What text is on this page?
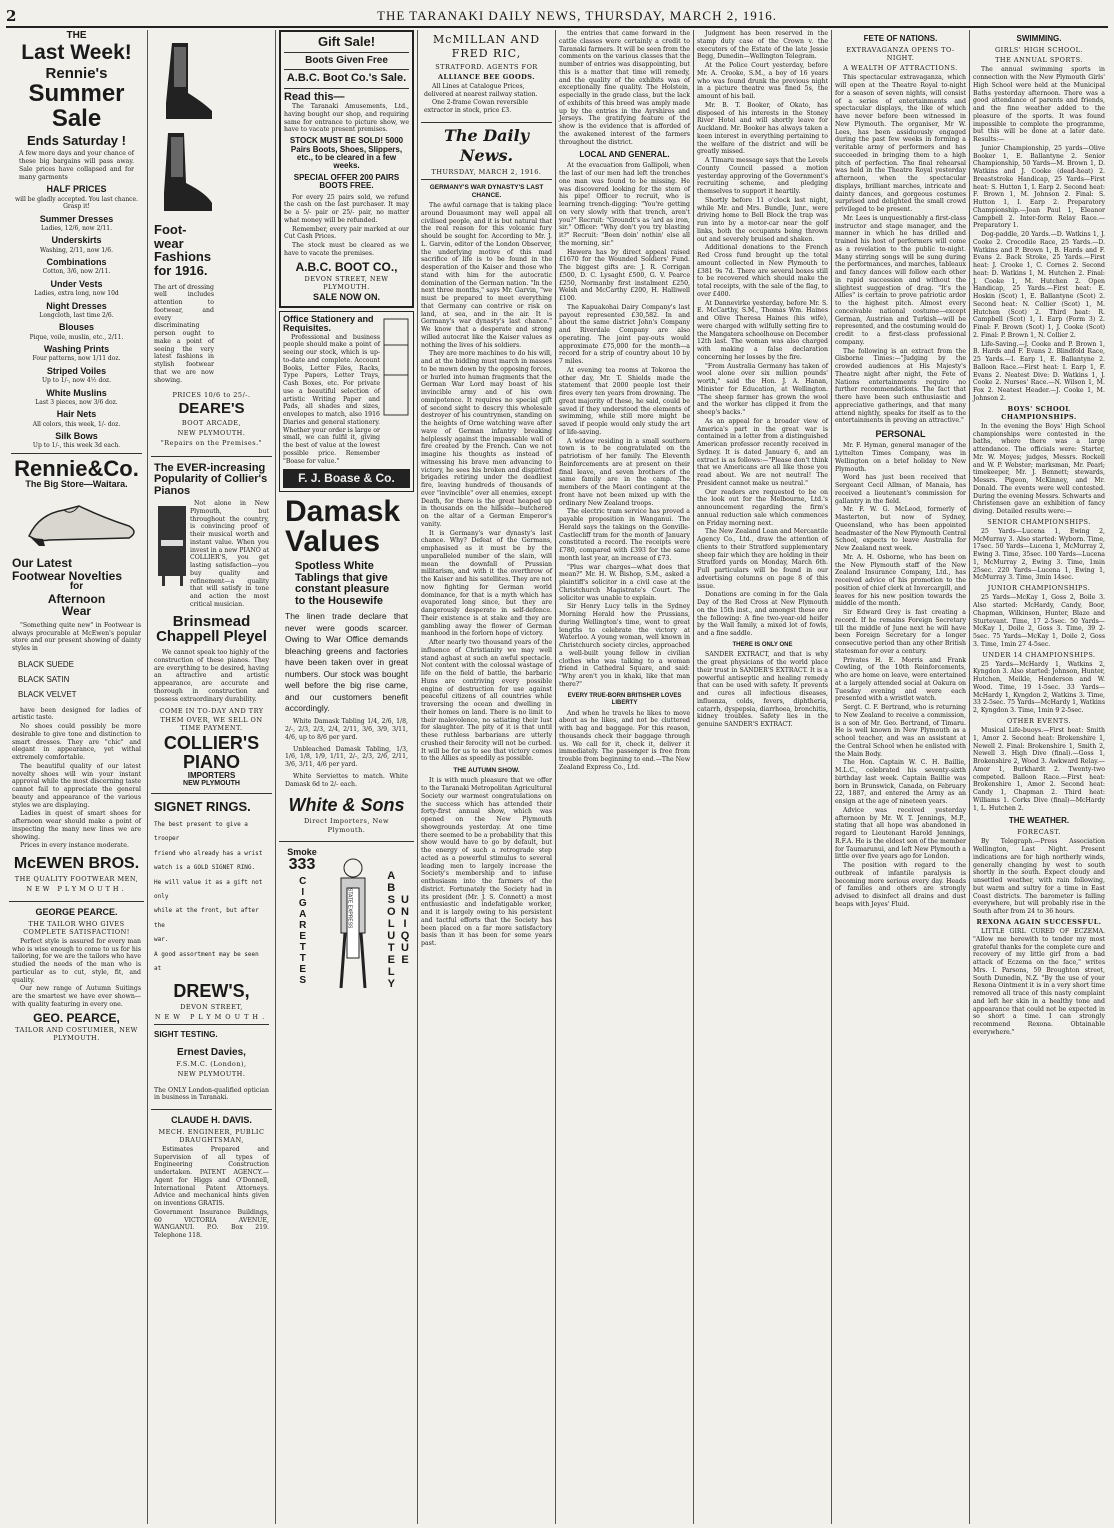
2	THE TARANAKI DAILY NEWS, THURSDAY, MARCH 2, 1916.
THE
Last Week!
Rennie's
Summer
Sale
Ends Saturday !

A few more days and your chance of these big bargains will pass away. Sale prices have collapsed and for many garments

HALF PRICES
will be gladly accepted. You last chance. Grasp it!
Summer Dresses
Ladies, 12/6, now 2/11.
Underskirts
Washing, 2/11, now 1/6.
Combinations
Cotton, 3/6, now 2/11.
Under Vests
Ladies, extra long, now 10d
Night Dresses
Longcloth, last time 2/6.
Blouses
Pique, voile, muslin, etc., 2/11.
Washing Prints
Four patterns, now 1/11 doz.
Striped Voiles
Up to 1/-, now 4½ doz.
White Muslins
Last 3 pieces, now 3/6 doz.
Hair Nets
All colors, this week, 1/- doz.
Silk Bows
Up to 1/-, this week 3d each.
Rennie&Co.
The Big Store—Waitara.
Our Latest
Footwear Novelties
for
Afternoon
Wear

"Something quite new" in Footwear is always procurable at McEwen's popular store and our present showing of dainty styles in

BLACK SUEDE
BLACK SATIN
BLACK VELVET

have been designed for ladies of artistic taste.

No shoes could possibly be more desirable to give tone and distinction to smart dresses. They are "chic" and elegant in appearance, yet withal extremely comfortable.

The beautiful quality of our latest novelty shoes will win your instant approval while the most discerning taste cannot fail to appreciate the general beauty and appearance of the various styles we are displaying.

Ladies in quest of smart shoes for afternoon wear should make a point of inspecting the many new lines we are showing.

Prices in every instance moderate.

McEWEN BROS.
THE QUALITY FOOTWEAR MEN,
NEW PLYMOUTH.
GEORGE PEARCE.
THE TAILOR WHO GIVES COMPLETE SATISFACTION!

Perfect style is assured for every man who is wise enough to come to us for his tailoring, for we are the tailors who have studied the needs of the man who is particular as to cut, style, fit, and quality.

Our new range of Autumn Suitings are the smartest we have ever shown—with quality featuring in every one.

GEO. PEARCE,
TAILOR AND COSTUMIER, NEW PLYMOUTH.
Foot-wear Fashions for 1916.

The art of dressing well includes attention to footwear, and every discriminating person ought to make a point of seeing the very latest fashions in stylish footwear that we are now showing.

PRICES 10/6 to 25/-.
DEARE'S
BOOT ARCADE,
NEW PLYMOUTH.
"Repairs on the Premises."
The EVER-increasing Popularity of Collier's Pianos

Not alone in New Plymouth, but throughout the country, is convincing proof of their musical worth and instant value. When you invest in a new PIANO at COLLIER'S, you get lasting satisfaction—you buy quality and refinement—a quality that will satisfy in tone and action the most critical musician.

Brinsmead Chappell Pleyel

We cannot speak too highly of the construction of these pianos. They are everything to be desired, having an attractive and artistic appearance, are accurate and thorough in construction and possess extraordinary durability.

COME IN TO-DAY AND TRY THEM OVER, WE SELL ON TIME PAYMENT.
COLLIER'S
PIANO
IMPORTERS
NEW PLYMOUTH
SIGNET RINGS.
The best present to give a trooper
friend who already has a wrist
watch is a GOLD SIGNET RING.
He will value it as a gift not only
while at the front, but after the
war.
A good assortment may be seen
at
DREW'S,
DEVON STREET,
NEW PLYMOUTH.
SIGHT TESTING.
Ernest Davies,
F.S.M.C. (London),
NEW PLYMOUTH.

The ONLY London-qualified optician in business in Taranaki.

CLAUDE H. DAVIS.
MECH. ENGINEER, PUBLIC DRAUGHTSMAN,

Estimates Prepared and Supervision of all types of Engineering Construction undertaken. PATENT AGENCY.—Agent for Higgs and O'Donnell, International Patent Attorneys. Advice and mechanical hints given on inventions GRATIS.

Government Insurance Buildings, 60 VICTORIA AVENUE, WANGANUI. P.O. Box 219. Telephone 118.

Gift Sale!
Boots Given Free
A.B.C. Boot Co.'s Sale.
Read this—

The Taranaki Amusements, Ltd., having bought our shop, and requiring same for entrance to picture show, we have to vacate present premises.

STOCK MUST BE SOLD! 5000 Pairs Boots, Shoes, Slippers, etc., to be cleared in a few weeks.
SPECIAL OFFER 200 PAIRS BOOTS FREE.

For every 25 pairs sold, we refund the cash on the last purchaser. It may be a 5/- pair or 25/- pair, no matter what money will be refunded.

Remember, every pair marked at our Cut Cash Prices.

The stock must be cleared as we have to vacate the premises.

A.B.C. BOOT CO.,
DEVON STREET, NEW PLYMOUTH.
SALE NOW ON.
Office Stationery and Requisites.

Professional and business people should make a point of seeing our stock, which is up-to-date and complete. Account Books, Letter Files, Racks, Type Papers, Letter Trays, Cash Boxes, etc. For private use a beautiful selection of artistic Writing Paper and Pads, all shades and sizes, envelopes to match, also 1916 Diaries and general stationery. Whether your order is large or small, we can fulfil it, giving the best of value at the lowest possible price. Remember "Boase for value."

F. J. Boase & Co.
Damask Values
Spotless White Tablings that give constant pleasure to the Housewife

The linen trade declare that never were goods scarcer. Owing to War Office demands bleaching greens and factories have been taken over in great numbers. Our stock was bought well before the big rise came, and our customers benefit accordingly.

White Damask Tabling 1/4, 2/6, 1/8, 2/-, 2/3, 2/3, 2/4, 2/11, 3/6, 3/9, 3/11, 4/6, up to 8/6 per yard.

Unbleached Damask Tabling, 1/3, 1/6, 1/8, 1/9, 1/11, 2/-, 2/3, 2/6, 2/11, 3/6, 3/11, 4/6 per yard.

White Serviettes to match. White Damask 6d to 2/- each.

White & Sons
Direct Importers, New Plymouth.
Smoke
333
CIGARETTES	STATE EXPRESS	ABSOLUTELY UNIQUE
McMILLAN AND FRED RIC,
STRATFORD. AGENTS FOR
ALLIANCE BEE GOODS.

All Lines at Catalogue Prices, delivered at nearest railway station.

One 2-frame Cowan reversible extractor in stock, price £3.

The Daily News.
THURSDAY, MARCH 2, 1916.
GERMANY'S WAR DYNASTY'S LAST CHANCE.

The awful carnage that is taking place around Douaumont may well appal all civilised people, and it is but natural that the real reason for this volcanic fury should be sought for. According to Mr. J. L. Garvin, editor of the London Observer, the underlying motive of this mad sacrifice of life is to be found in the desperation of the Kaiser and those who stand with him for the autocratic domination of the German nation. "In the next three months," says Mr. Garvin, "we must be prepared to meet everything that Germany can contrive or risk on land, at sea, and in the air. It is Germany's war dynasty's last chance." We know that a desperate and strong willed autocrat like the Kaiser values as nothing the lives of his soldiers.

They are more machines to do his will, and at the bidding must march in masses to be mown down by the opposing forces, or hurled into human fragments that the German War Lord may boast of his invincible army and of his own omnipotence. It requires no special gift of second sight to descry this wholesale destroyer of his countrymen, standing on the heights of Orne watching wave after wave of German infantry breaking helplessly against the impassable wall of fire created by the French. Can we not imagine his thoughts as instead of witnessing his brave men advancing to victory, he sees his broken and dispirited brigades retiring under the deadliest fire, leaving hundreds of thousands of ever "invincible" over all enemies, except Death, for there is the great heaped up in thousands on the hillside—butchered on the altar of a German Emperor's vanity.

It is Germany's war dynasty's last chance. Why? Defeat of the Germans, emphasised as it must be by the unparalleled number of the slain, will mean the downfall of Prussian militarism, and with it the overthrow of the Kaiser and his satellites. They are not now fighting for German world dominance, for that is a myth which has evaporated long since, but they are dangerously desperate in self-defence. Their existence is at stake and they are gambling away the flower of German manhood in the forlorn hope of victory.

After nearly two thousand years of the influence of Christianity we may well stand aghast at such an awful spectacle. Not content with the colossal wastage of life on the field of battle, the barbaric Huns are contriving every possible engine of destruction for use against peaceful citizens of all countries while traversing the ocean and dwelling in their homes on land. There is no limit to their malevolence, no satiating their lust for slaughter. The pity of it is that until these ruthless barbarians are utterly crushed their ferocity will not be curbed. It will be for us to see that victory comes to the Allies as speedily as possible.

THE AUTUMN SHOW.

It is with much pleasure that we offer to the Taranaki Metropolitan Agricultural Society our warmest congratulations on the success which has attended their forty-first annual show, which was opened on the New Plymouth showgrounds yesterday. At one time there seemed to be a probability that this show would have to go by default, but the energy of such a retrograde step acted as a powerful stimulus to several leading men to largely increase the Society's membership and to infuse enthusiasm into the farmers of the district. Fortunately the Society had in its president (Mr. J. S. Connett) a most enthusiastic and indefatigable worker, and it is largely owing to his persistent and tactful efforts that the Society has been placed on a far more satisfactory basis than it has been for some years past.

the entries that came forward in the cattle classes were certainly a credit to Taranaki farmers. It will be seen from the comments on the various classes that the number of entries was disappointing, but this is a matter that time will remedy, and the quality of the exhibits was of exceptionally fine quality. The Holstein, especially in the grade class, but the lack of exhibits of this breed was amply made up by the entries in the Ayrshires and Jerseys. The gratifying feature of the show is the evidence that is afforded of the awakened interest of the farmers throughout the district.

LOCAL AND GENERAL.

At the evacuation from Gallipoli, when the last of our men had left the trenches one man was found to be missing. He was discovered looking for the stem of his pipe! Officer to recruit, who is learning trench-digging: "You're getting on very slowly with that trench, aren't you?" Recruit: "Groundt's as 'ard as iron, sir." Officer: "Why don't you try blasting it?" Recruit: "Been doin' nothin' else all the morning, sir."

Hawera has by direct appeal raised £1670 for the Wounded Soldiers' Fund. The biggest gifts are: J. R. Corrigan £500, D. C. Lysaght £500, G. V. Pearce £250, Normanby first instalment £250, Welsh and McCarthy £200, H. Halliwell £100.

The Kapuakohai Dairy Company's last payout represented £30,582. In and about the same district John's Company and Riverdale Company are also operating. The joint pay-outs would approximate £75,000 for the month—a record for a strip of country about 10 by 7 miles.

At evening tea rooms at Tokoroa the other day, Mr. T. Shields made the statement that 2000 people lost their fires every ten years from drowning. The great majority of these, he said, could be saved if they understood the elements of swimming, while still more might be saved if people would only study the art of life-saving.

A widow residing in a small southern town is to be congratulated on the patriotism of her family. The Eleventh Reinforcements are at present on their final leave, and seven brothers of the same family are in the camp. The members of the Maori contingent at the front have not been mixed up with the ordinary New Zealand troops.

The electric tram service has proved a payable proposition in Wanganui. The Herald says the takings on the Gonville-Castlecliff tram for the month of January constituted a record. The receipts were £780, compared with £393 for the same month last year, an increase of £73.

"Plus war charges—what does that mean?" Mr. H. W. Bishop, S.M., asked a plaintiff's solicitor in a civil case at the Christchurch Magistrate's Court. The solicitor was unable to explain.

Sir Henry Lucy tells in the Sydney Morning Herald how the Prussians, during Wellington's time, went to great lengths to celebrate the victory at Waterloo. A young woman, well known in Christchurch society circles, approached a well-built young fellow in civilian clothes who was talking to a woman friend in Cathedral Square, and said: "Why aren't you in khaki, like that man there?"

EVERY TRUE-BORN BRITISHER LOVES LIBERTY

And when he travels he likes to move about as he likes, and not be cluttered with bag and baggage. For this reason, thousands check their baggage through us. We call for it, check it, deliver it immediately. The passenger is free from trouble from beginning to end.—The New Zealand Express Co., Ltd.

Judgment has been reserved in the stamp duty case of the Crown v. the executors of the Estate of the late Jessie Begg, Dunedin—Wellington Telegram.

At the Police Court yesterday, before Mr. A. Crooke, S.M., a boy of 16 years who was found drunk the previous night in a picture theatre was fined 5s, the amount of his bail.

Mr. B. T. Booker, of Okato, has disposed of his interests in the Stoney River Hotel and will shortly leave for Auckland. Mr. Booker has always taken a keen interest in everything pertaining to the welfare of the district and will be greatly missed.

A Timaru message says that the Levels County Council passed a motion yesterday approving of the Government's recruiting scheme, and pledging themselves to support it heartily.

Shortly before 11 o'clock last night, while Mr. and Mrs. Bundle, Junr., were driving home to Bell Block the trap was run into by a motor-car near the golf links, both the occupants being thrown out and severely bruised and shaken.

Additional donations to the French Red Cross fund brought up the total amount collected in New Plymouth to £381 9s 7d. There are several boxes still to be recovered which should make the total receipts, with the sale of the flag, to over £400.

At Dannevirke yesterday, before Mr. S. E. McCarthy, S.M., Thomas Wm. Haines and Olive Theresa Haines (his wife), were charged with wilfully setting fire to the Mangatera schoolhouse on December 12th last. The woman was also charged with making a false declaration concerning her losses by the fire.

"From Australia Germany has taken of wool alone over six million pounds' worth," said the Hon. J. A. Hanan, Minister for Education, at Wellington. "The sheep farmer has grown the wool and the worker has clipped it from the sheep's backs."

As an appeal for a broader view of America's part in the great war is contained in a letter from a distinguished American professor recently received in Sydney. It is dated January 6, and an extract is as follows:—"Please don't think that we Americans are all like those you read about. We are not neutral! The President cannot make us neutral."

Our readers are requested to be on the look out for the Melbourne, Ltd.'s announcement regarding the firm's annual reduction sale which commences on Friday morning next.

The New Zealand Loan and Mercantile Agency Co., Ltd., draw the attention of clients to their Stratford supplementary sheep fair which they are holding in their Stratford yards on Monday, March 6th. Full particulars will be found in our advertising columns on page 8 of this issue.

Donations are coming in for the Gala Day of the Red Cross at New Plymouth on the 15th inst., and amongst these are the following: A fine two-year-old heifer by the Wall family, a mixed lot of fowls, and a fine saddle.

THERE IS ONLY ONE

SANDER EXTRACT, and that is why the great physicians of the world place their trust in SANDER'S EXTRACT. It is a powerful antiseptic and healing remedy that can be used with safety. It prevents and cures all infectious diseases, influenza, colds, fevers, diphtheria, catarrh, dyspepsia, diarrhoea, bronchitis, kidney troubles. Safety lies in the genuine SANDER'S EXTRACT.

FETE OF NATIONS.
EXTRAVAGANZA OPENS TO-NIGHT.
A WEALTH OF ATTRACTIONS.

This spectacular extravaganza, which will open at the Theatre Royal to-night for a season of seven nights, will consist of a series of entertainments and spectacular displays, the like of which have never before been witnessed in New Plymouth. The organiser, Mr W. Lees, has been assiduously engaged during the past few weeks in forming a veritable army of performers and has succeeded in bringing them to a high pitch of perfection. The final rehearsal was held in the Theatre Royal yesterday afternoon, when the spectacular displays, brilliant marches, intricate and dainty dances, and gorgeous costumes surprised and delighted the small crowd privileged to be present.

Mr. Lees is unquestionably a first-class instructor and stage manager, and the manner in which he has drilled and trained his host of performers will come as a revelation to the public to-night. Many stirring songs will be sung during the performances, and marches, tableaux and fancy dances will follow each other in rapid succession and without the slightest suggestion of drag. "It's the Allies" is certain to prove patriotic ardor to the highest pitch. Almost every conceivable national costume—except German, Austrian and Turkish—will be represented, and the costuming would do credit to a first-class professional company.

The following is an extract from the Gisborne Times:—"Judging by the crowded audiences at His Majesty's Theatre night after night, the Fete of Nations entertainments require no further recommendations. The fact that there have been such enthusiastic and appreciative gatherings, and that many attend nightly, speaks for itself as to the entertainments in proving an attractive."

PERSONAL

Mr. F. Hyman, general manager of the Lyttelton Times Company, was in Wellington on a brief holiday to New Plymouth.

Word has just been received that Sergeant Cecil Allman, of Manaia, has received a lieutenant's commission for gallantry in the field.

Mr. F. W. G. McLeod, formerly of Masterton, but now of Sydney, Queensland, who has been appointed headmaster of the New Plymouth Central School, expects to leave Australia for New Zealand next week.

Mr. A. H. Osborne, who has been on the New Plymouth staff of the New Zealand Insurance Company, Ltd., has received advice of his promotion to the position of chief clerk at Invercargill, and leaves for his new position towards the middle of the month.

Sir Edward Grey is fast creating a record. If he remains Foreign Secretary till the middle of June next he will have been Foreign Secretary for a longer consecutive period than any other British statesman for over a century.

Privates H. E. Morris and Frank Cowling, of the 10th Reinforcements, who are home on leave, were entertained at a largely attended social at Oakura on Tuesday evening and were each presented with a wristlet watch.

Sergt. C. F. Bertrand, who is returning to New Zealand to receive a commission, is a son of Mr. Geo. Bertrand, of Timaru. He is well known in New Plymouth as a school teacher, and was an assistant at the Central School when he enlisted with the Main Body.

The Hon. Captain W. C. H. Baillie, M.L.C., celebrated his seventy-sixth birthday last week. Captain Baillie was born in Brunswick, Canada, on February 22, 1887, and entered the Army as an ensign at the age of nineteen years.

Advice was received yesterday afternoon by Mr. W. T. Jennings, M.P., stating that all hope was abandoned in regard to Lieutenant Harold Jennings, R.F.A. He is the eldest son of the member for Taumarunui, and left New Plymouth a little over five years ago for London.

The position with regard to the outbreak of infantile paralysis is becoming more serious every day. Heads of families and others are strongly advised to disinfect all drains and dust heaps with Jeyes' Fluid.

SWIMMING.
GIRLS' HIGH SCHOOL.
THE ANNUAL SPORTS.

The annual swimming sports in connection with the New Plymouth Girls' High School were held at the Municipal Baths yesterday afternoon. There was a good attendance of parents and friends, and the fine weather added to the pleasure of the sports. It was found impossible to complete the programme, but this will be done at a later date. Results:—

Junior Championship, 25 yards—Olive Booker 1, E. Ballantyne 2. Senior Championship, 50 Yards—M. Brown 1, D. Watkins and J. Cooke (dead-heat) 2. Breaststroke Handicap, 25 Yards—First heat: S. Hutton 1, I. Earp 2. Second heat: F. Brown 1, M. Johnson 2. Final: S. Hutton 1, I. Earp 2. Preparatory Championship.—Joan Paul 1, Eleanor Campbell 2. Inter-form Relay Race.—Preparatory 1.

Dog-paddle, 20 Yards.—D. Watkins 1, J. Cooke 2. Crocodile Race, 25 Yards.—D. Watkins and P. Brown 1, B. Hards and F. Evans 2. Back Stroke, 25 Yards.—First heat: J. Crooke 1, C. Cornes 2. Second heat: D. Watkins 1, M. Hutchen 2. Final: J. Cooke 1, M. Hutchen 2. Open Handicap, 25 Yards.—First heat: E. Hoskin (Scot) 1, E. Ballantyne (Scot) 2. Second heat: N. Collier (Scot) 1, M. Hutchen (Scot) 2. Third heat: R. Campbell (Scot) 1, I. Earp (Form 3) 2. Final: F. Brown (Scot) 1, J. Cooke (Scot) 2. Final: P. Brown 1, N. Collier 2.

Life-Saving.—J. Cooke and P. Brown 1, B. Hards and F. Evans 2. Blindfold Race, 25 Yards.—I. Earp 1, E. Ballantyne 2. Balloon Race.—First heat: I. Earp 1, F. Evans 2. Neatest Dive: D. Watkins 1, J. Cooke 2. Nurses' Race.—N. Wilson 1, M. Fox 2. Neatest Header.—J. Cooke 1, M. Johnson 2.

BOYS' SCHOOL CHAMPIONSHIPS.

In the evening the Boys' High School championships were contested in the baths, where there was a large attendance. The officials were: Starter, Mr. W. Moyes; judges, Messrs. Rockell and W. P. Webster; marksman, Mr. Pearl; timekeeper, Mr. J. Bennett; stewards, Messrs. Pigeon, McKinney, and Mr. Donald. The events were well contested. During the evening Messrs. Schwarts and Christensen gave an exhibition of fancy diving. Detailed results were:—

SENIOR CHAMPIONSHIPS.

25 Yards—Lucena 1, Ewing 2, McMurray 3. Also started: Wyborn. Time, 17sec. 50 Yards—Lucena 1, McMurray 2, Ewing 3. Time, 35sec. 100 Yards—Lucena 1, McMurray 2, Ewing 3. Time, 1min 25sec. 220 Yards—Lucena 1, Ewing 1, McMurray 3. Time, 3min 14sec.

JUNIOR CHAMPIONSHIPS.

25 Yards—McKay 1, Goss 2, Boile 3. Also started: McHardy, Candy, Boor, Chapman, Wilkinson, Hunter, Blaze and Sturtevant. Time, 17 2-5sec. 50 Yards—McKay 1, Doile 2, Goss 3. Time, 39 2-5sec. 75 Yards—McKay 1, Doile 2, Goss 3. Time, 1min 27 4-5sec.

UNDER 14 CHAMPIONSHIPS.

25 Yards—McHardy 1, Watkins 2, Kyngdon 3. Also started: Johnson, Hunter, Hutchen, Meikle, Henderson and W. Wood. Time, 19 1-5sec. 33 Yards—McHardy 1, Kyngdon 2, Watkins 3. Time, 33 2-5sec. 75 Yards—McHardy 1, Watkins 2, Kyngdon 3. Time, 1min 9 2-5sec.

OTHER EVENTS.

Musical Life-buoys.—First heat: Smith 1, Amor 2. Second heat: Brokenshire 1, Newell 2. Final: Brokenshire 1, Smith 2, Newell 3. High Dive (final).—Goss 1, Brokenshire 2, Wood 3. Awkward Relay.—Amor 1, Burkhardt 2. Twenty-two competed. Balloon Race.—First heat: Brokenshire 1, Amor 2. Second heat: Candy 1, Chapman 2. Third heat: Williams 1. Corks Dive (final)—McHardy 1, L. Hutchen 2.

THE WEATHER.
FORECAST.

By Telegraph.—Press Association Wellington, Last Night. Present indications are for high northerly winds, generally changing by west to south shortly in the south. Expect cloudy and unsettled weather, with rain following, but warm and sultry for a time in East Coast districts. The barometer is falling everywhere, but will probably rise in the South after from 24 to 36 hours.

REXONA AGAIN SUCCESSFUL.

LITTLE GIRL CURED OF ECZEMA. "Allow me herewith to tender my most grateful thanks for the complete cure and recovery of my little girl from a bad attack of Eczema on the face," writes Mrs. I. Parsons, 59 Broughton street, South Dunedin, N.Z. "By the use of your Rexona Ointment it is in a very short time removed all trace of this nasty complaint and left her skin in a healthy tone and appearance that could not be expected in so short a time. I can strongly recommend Rexona. Obtainable everywhere."
